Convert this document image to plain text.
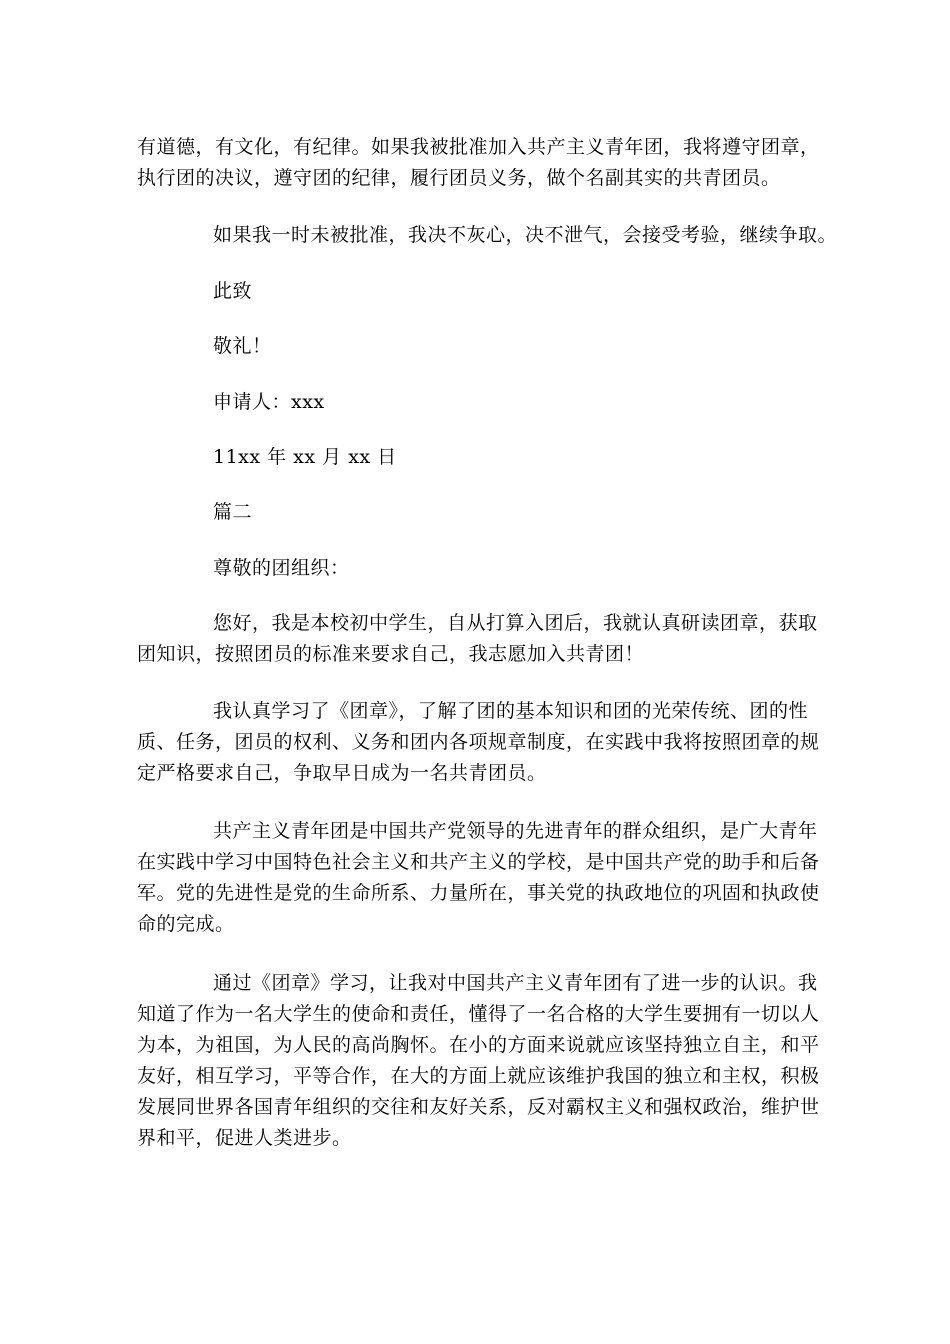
有道德，有文化，有纪律。如果我被批准加入共产主义青年团，我将遵守团章，
执行团的决议，遵守团的纪律，履行团员义务，做个名副其实的共青团员。
如果我一时未被批准，我决不灰心，决不泄气，会接受考验，继续争取。
此致
敬礼！
申请人：xxx
11xx 年 xx 月 xx 日
篇二
尊敬的团组织：
您好，我是本校初中学生，自从打算入团后，我就认真研读团章，获取
团知识，按照团员的标准来要求自己，我志愿加入共青团！
我认真学习了《团章》，了解了团的基本知识和团的光荣传统、团的性
质、任务，团员的权利、义务和团内各项规章制度，在实践中我将按照团章的规
定严格要求自己，争取早日成为一名共青团员。
共产主义青年团是中国共产党领导的先进青年的群众组织，是广大青年
在实践中学习中国特色社会主义和共产主义的学校，是中国共产党的助手和后备
军。党的先进性是党的生命所系、力量所在，事关党的执政地位的巩固和执政使
命的完成。
通过《团章》学习，让我对中国共产主义青年团有了进一步的认识。我
知道了作为一名大学生的使命和责任，懂得了一名合格的大学生要拥有一切以人
为本，为祖国，为人民的高尚胸怀。在小的方面来说就应该坚持独立自主，和平
友好，相互学习，平等合作，在大的方面上就应该维护我国的独立和主权，积极
发展同世界各国青年组织的交往和友好关系，反对霸权主义和强权政治，维护世
界和平，促进人类进步。
